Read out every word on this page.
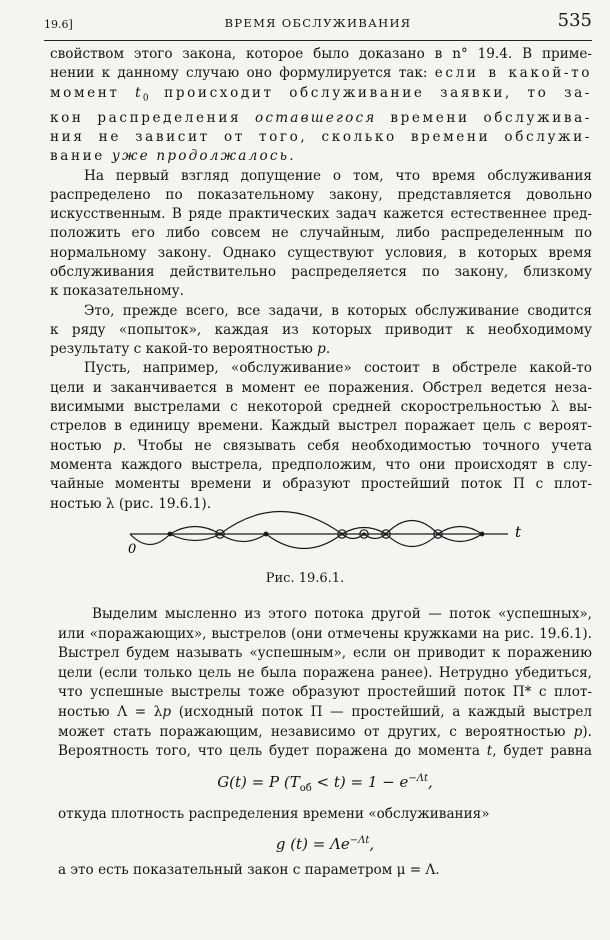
19.6]	ВРЕМЯ ОБСЛУЖИВАНИЯ	535
свойством этого закона, которое было доказано в n° 19.4. В приме-
нении к данному случаю оно формулируется так: если в какой-то
момент $t_0$ происходит обслуживание заявки, то за-
кон распределения оставшегося времени обслужива-
ния не зависит от того, сколько времени обслужи-
вание уже продолжалось.
На первый взгляд допущение о том, что время обслуживания
распределено по показательному закону, представляется довольно
искусственным. В ряде практических задач кажется естественнее пред-
положить его либо совсем не случайным, либо распределенным по
нормальному закону. Однако существуют условия, в которых время
обслуживания действительно распределяется по закону, близкому
к показательному.
Это, прежде всего, все задачи, в которых обслуживание сводится
к ряду «попыток», каждая из которых приводит к необходимому
результату с какой-то вероятностью p.
Пусть, например, «обслуживание» состоит в обстреле какой-то
цели и заканчивается в момент ее поражения. Обстрел ведется неза-
висимыми выстрелами с некоторой средней скорострельностью λ вы-
стрелов в единицу времени. Каждый выстрел поражает цель с вероят-
ностью p. Чтобы не связывать себя необходимостью точного учета
момента каждого выстрела, предположим, что они происходят в слу-
чайные моменты времени и образуют простейший поток П с плот-
ностью λ (рис. 19.6.1).
0
t
Рис. 19.6.1.
Выделим мысленно из этого потока другой — поток «успешных»,
или «поражающих», выстрелов (они отмечены кружками на рис. 19.6.1).
Выстрел будем называть «успешным», если он приводит к поражению
цели (если только цель не была поражена ранее). Нетрудно убедиться,
что успешные выстрелы тоже образуют простейший поток П* с плот-
ностью Λ = λp (исходный поток П — простейший, а каждый выстрел
может стать поражающим, независимо от других, с вероятностью p).
Вероятность того, что цель будет поражена до момента t, будет равна
G(t) = P $(T_{об} < t) = 1 - e^{-\Lambda t}$,
откуда плотность распределения времени «обслуживания»
g $(t) = \Lambda e^{-\Lambda t}$,
а это есть показательный закон с параметром μ = Λ.
